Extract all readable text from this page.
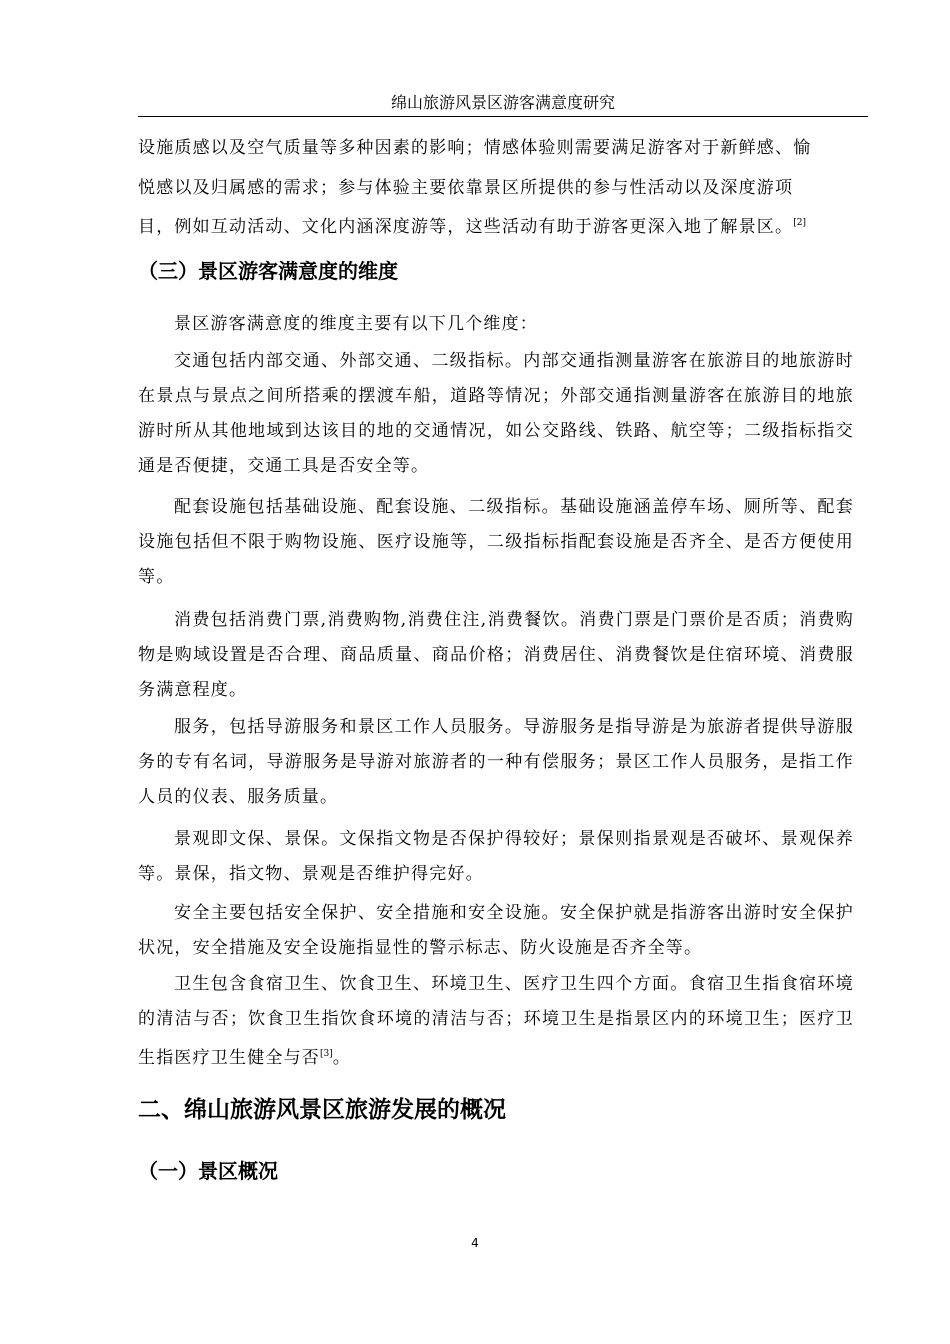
绵山旅游风景区游客满意度研究
设施质感以及空气质量等多种因素的影响；情感体验则需要满足游客对于新鲜感、愉
悦感以及归属感的需求；参与体验主要依靠景区所提供的参与性活动以及深度游项
目，例如互动活动、文化内涵深度游等，这些活动有助于游客更深入地了解景区。[2]
（三）景区游客满意度的维度

景区游客满意度的维度主要有以下几个维度：

交通包括内部交通、外部交通、二级指标。内部交通指测量游客在旅游目的地旅游时在景点与景点之间所搭乘的摆渡车船，道路等情况；外部交通指测量游客在旅游目的地旅游时所从其他地域到达该目的地的交通情况，如公交路线、铁路、航空等；二级指标指交通是否便捷，交通工具是否安全等。

配套设施包括基础设施、配套设施、二级指标。基础设施涵盖停车场、厕所等、配套设施包括但不限于购物设施、医疗设施等，二级指标指配套设施是否齐全、是否方便使用等。

消费包括消费门票,消费购物,消费住注,消费餐饮。消费门票是门票价是否质；消费购物是购域设置是否合理、商品质量、商品价格；消费居住、消费餐饮是住宿环境、消费服务满意程度。

服务，包括导游服务和景区工作人员服务。导游服务是指导游是为旅游者提供导游服务的专有名词，导游服务是导游对旅游者的一种有偿服务；景区工作人员服务，是指工作人员的仪表、服务质量。

景观即文保、景保。文保指文物是否保护得较好；景保则指景观是否破坏、景观保养等。景保，指文物、景观是否维护得完好。

安全主要包括安全保护、安全措施和安全设施。安全保护就是指游客出游时安全保护状况，安全措施及安全设施指显性的警示标志、防火设施是否齐全等。

卫生包含食宿卫生、饮食卫生、环境卫生、医疗卫生四个方面。食宿卫生指食宿环境的清洁与否；饮食卫生指饮食环境的清洁与否；环境卫生是指景区内的环境卫生；医疗卫生指医疗卫生健全与否[3]。

二、绵山旅游风景区旅游发展的概况
（一）景区概况
4
